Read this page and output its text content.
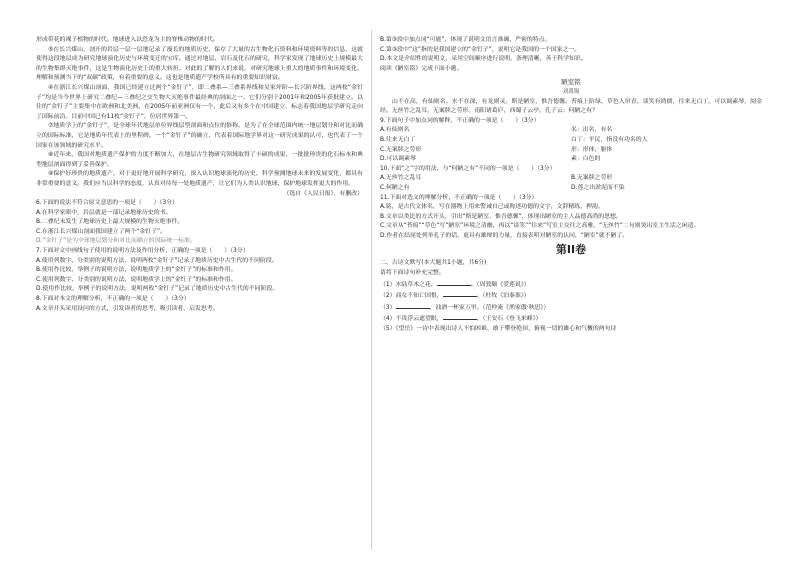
形成带花的裸子植物的时代。地球进入以恐龙为主的脊椎动物的时代。

⑤在长兴煤山，剖开的岩层一层一层地记录了漫长的地质历史，保存了大量的古生物化石资料和环境资料等的信息。这就使得这段地层成为研究地球演化历史与环境变迁的宝库。通过对地层、岩石及化石的研究，科学家发现了地球历史上规模最大的生物集群灭绝事件，这是生物演化历史上的重大转折。对此的了解的人们来说，对研究地球上重大的地质事件和环境变化，理解和预测当下的“双碳”政策，有着重要的意义。这也是地质遗产学校所具有的重要知识财富。

④在浙江长兴煤山剖面，我国已经建立过两个“金钉子”，即二叠系—三叠系界线和吴家坪阶—长兴阶界线。这两枚“金钉子”均是当今世界上研究二叠纪—三叠纪之交生物大灭绝事件最经典的剖面之一。它们分别于2001年和2005年获批建立。以往的“金钉子”主要集中在欧洲和北美洲，在2005年前亚洲仅有一个，此后又有多个在中国建立，标志着我国地层学研究走向了国际前沿。目前中国已有11枚“金钉子”，位居世界第一。

⑦地质学上的“金钉子”，是全球年代地层单位界线层型剖面和点位的俗称，是为了在全球范围内统一地层划分和对比而确立的国际标准，它是地质年代表上的里程碑。一个“金钉子”的确立，代表着国际地学界对这一研究成果的认可，也代表了一个国家在该领域的研究水平。

⑧近年来，我国对地质遗产保护的力度不断加大，在地层古生物研究领域取得了丰硕的成果，一批批珍贵的化石标本和典型地层剖面得到了妥善保护。

⑨保护好珍贵的地质遗产，对于更好地开展科学研究，深入认识地球演化的历史，科学预测地球未来的发展变化，都具有非常重要的意义。我们应当以科学的态度，认真对待每一处地质遗产，让它们为人类认识地球、保护地球发挥更大的作用。

（选自《人民日报》，有删改）

6.下面的说法不符合原文意思的一项是（　　）（3分）

A.在科学家眼中，岩层就是一部记录地球历史的书。

B.二叠纪末发生了地球历史上最大规模的生物灭绝事件。

C.在浙江长兴煤山剖面我国建立了两个“金钉子”。

D.“金钉子”是为全球地层划分和对比而确立的国际统一标准。

7.下面对文中画线句子使用的说明方法及作用分析，正确的一项是（　　）（3分）

A.使用列数字、分类别的说明方法，说明两枚“金钉子”记录了地质历史中古生代的不同阶段。

B.使用作比较、举例子的说明方法，说明地质学上的“金钉子”的标准和作用。

C.使用列数字、分类别的说明方法，说明地质学上的“金钉子”的标准和作用。

D.使用作比较、举例子的说明方法，说明两枚“金钉子”记录了地质历史中古生代的不同阶段。

8.下面对本文的理解分析，不正确的一项是（　　）（3分）

A.文章开头采用设问的方式，引发读者的思考，吸引读者，启发思考。

B.第③段中加点词“可能”，体现了说明文语言准确、严密的特点。

C.第③段中“这”指的是我国建立的“金钉子”，说明它是我国的一个国家之一。

D.本文是介绍性的说明文，采用空间顺序进行说明，条理清晰，善于科学知识。

阅读《陋室铭》完成下面小题。

陋室铭

刘禹锡

山不在高，有仙则名。水不在深，有龙则灵。斯是陋室，惟吾德馨。苔痕上阶绿，草色入帘青。谈笑有鸿儒，往来无白丁。可以调素琴，阅金经。无丝竹之乱耳，无案牍之劳形。南阳诸葛庐，西蜀子云亭。孔子云：何陋之有？

9.下面句子中加点词的解释，不正确的一项是（　　）（3分）

A.有仙则名	名：出名，有名
B.往来无白丁	白丁：平民，指没有功名的人
C.无案牍之劳形	形：形体，躯体
D.可以调素琴	素：白色的

10.下面“之”字的用法，与“何陋之有”不同的一项是（　　）（3分）

A.无丝竹之乱耳	B.无案牍之劳形
C.何陋之有	D.莲之出淤泥而不染

11.下面对选文的理解分析，不正确的一项是（　　）（3分）

A.铭，是古代文体名，写在器物上用来警诫自己或称述功德的文字，文辞精练，押韵。

B.文章以类比的方式开头，引出“斯是陋室，惟吾德馨”，体现出陋室的主人品德高尚的思想。

C.文章从“苔痕”“草色”写“陋室”环境之清幽，再以“谈笑”“往来”写室主交往之高雅，“无丝竹”二句则突出室主生活之闲适。

D.作者在结尾处列举孔子的话，更具有雄辩的力量，直接表明对陋室的认同，“陋室”就不陋了。

第II卷

二、古诗文默写(本大题共1小题，共6分)

请将下面诗句补充完整。

（1）水陆草木之花，	。（周敦颐《爱莲说》）

（2）商女不知亡国恨，	。（杜牧《泊秦淮》）

（3）	，浊酒一杯家万里。（范仲淹《渔家傲·秋思》）

（4）不畏浮云遮望眼，	。（王安石《登飞来峰》）

（5）《望岳》一诗中表现出诗人不怕困难、敢于攀登绝顶，俯视一切的雄心和气概的两句诗
